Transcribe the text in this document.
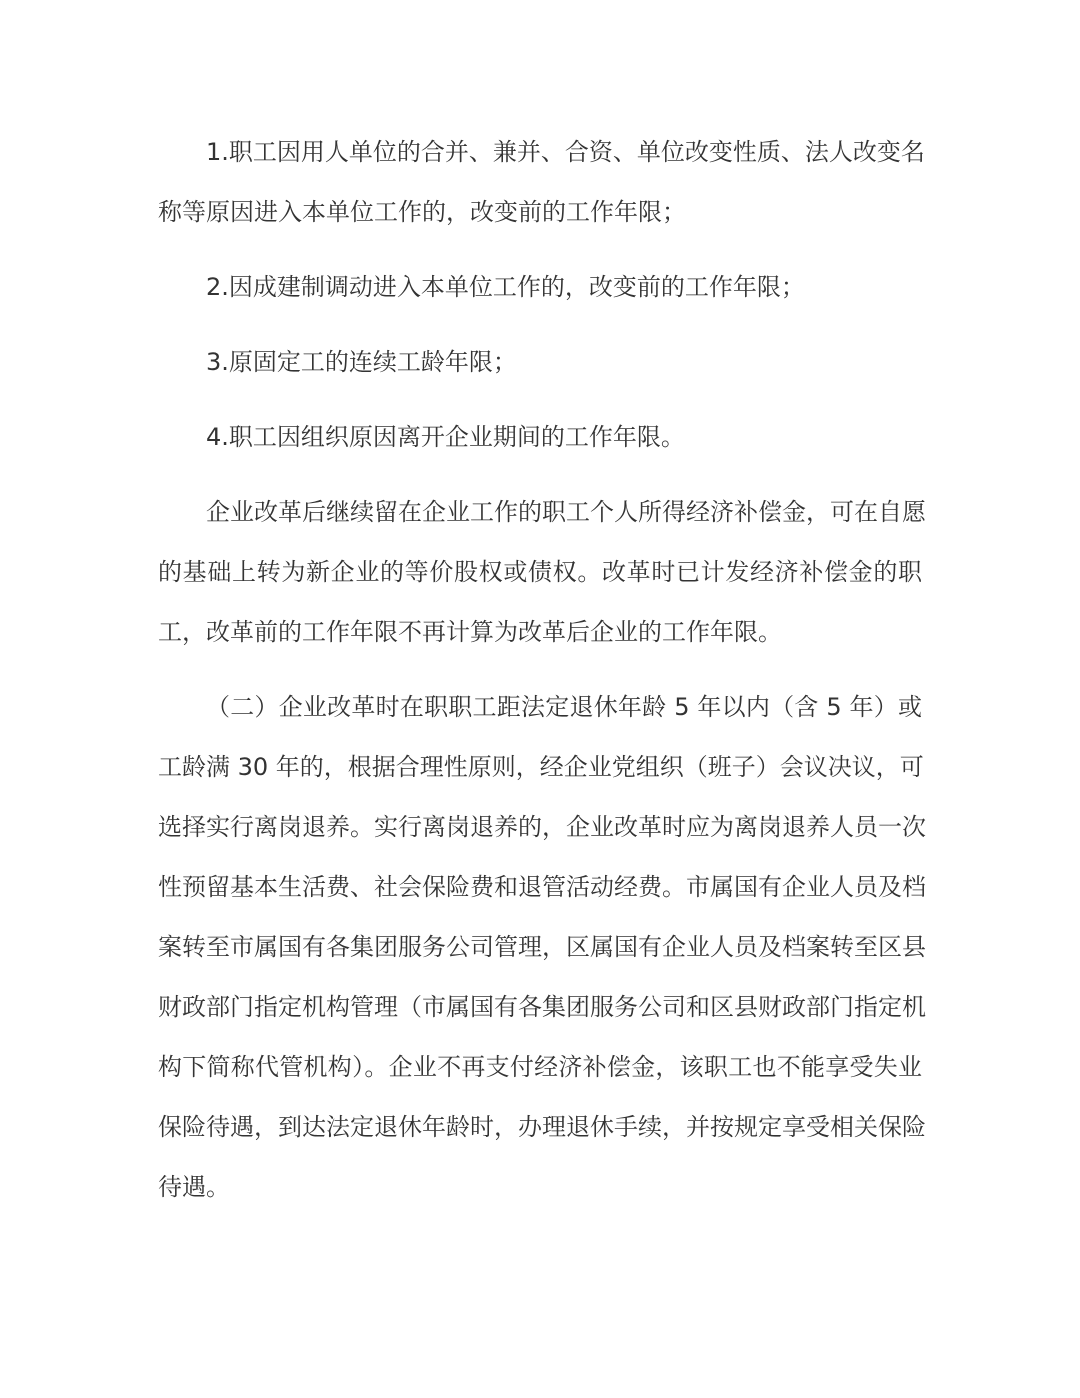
1.职工因用人单位的合并、兼并、合资、单位改变性质、法人改变名
称等原因进入本单位工作的，改变前的工作年限；
2.因成建制调动进入本单位工作的，改变前的工作年限；
3.原固定工的连续工龄年限；
4.职工因组织原因离开企业期间的工作年限。
企业改革后继续留在企业工作的职工个人所得经济补偿金，可在自愿
的基础上转为新企业的等价股权或债权。改革时已计发经济补偿金的职
工，改革前的工作年限不再计算为改革后企业的工作年限。
（二）企业改革时在职职工距法定退休年龄 5 年以内（含 5 年）或
工龄满 30 年的，根据合理性原则，经企业党组织（班子）会议决议，可
选择实行离岗退养。实行离岗退养的，企业改革时应为离岗退养人员一次
性预留基本生活费、社会保险费和退管活动经费。市属国有企业人员及档
案转至市属国有各集团服务公司管理，区属国有企业人员及档案转至区县
财政部门指定机构管理（市属国有各集团服务公司和区县财政部门指定机
构下简称代管机构）。企业不再支付经济补偿金，该职工也不能享受失业
保险待遇，到达法定退休年龄时，办理退休手续，并按规定享受相关保险
待遇。
